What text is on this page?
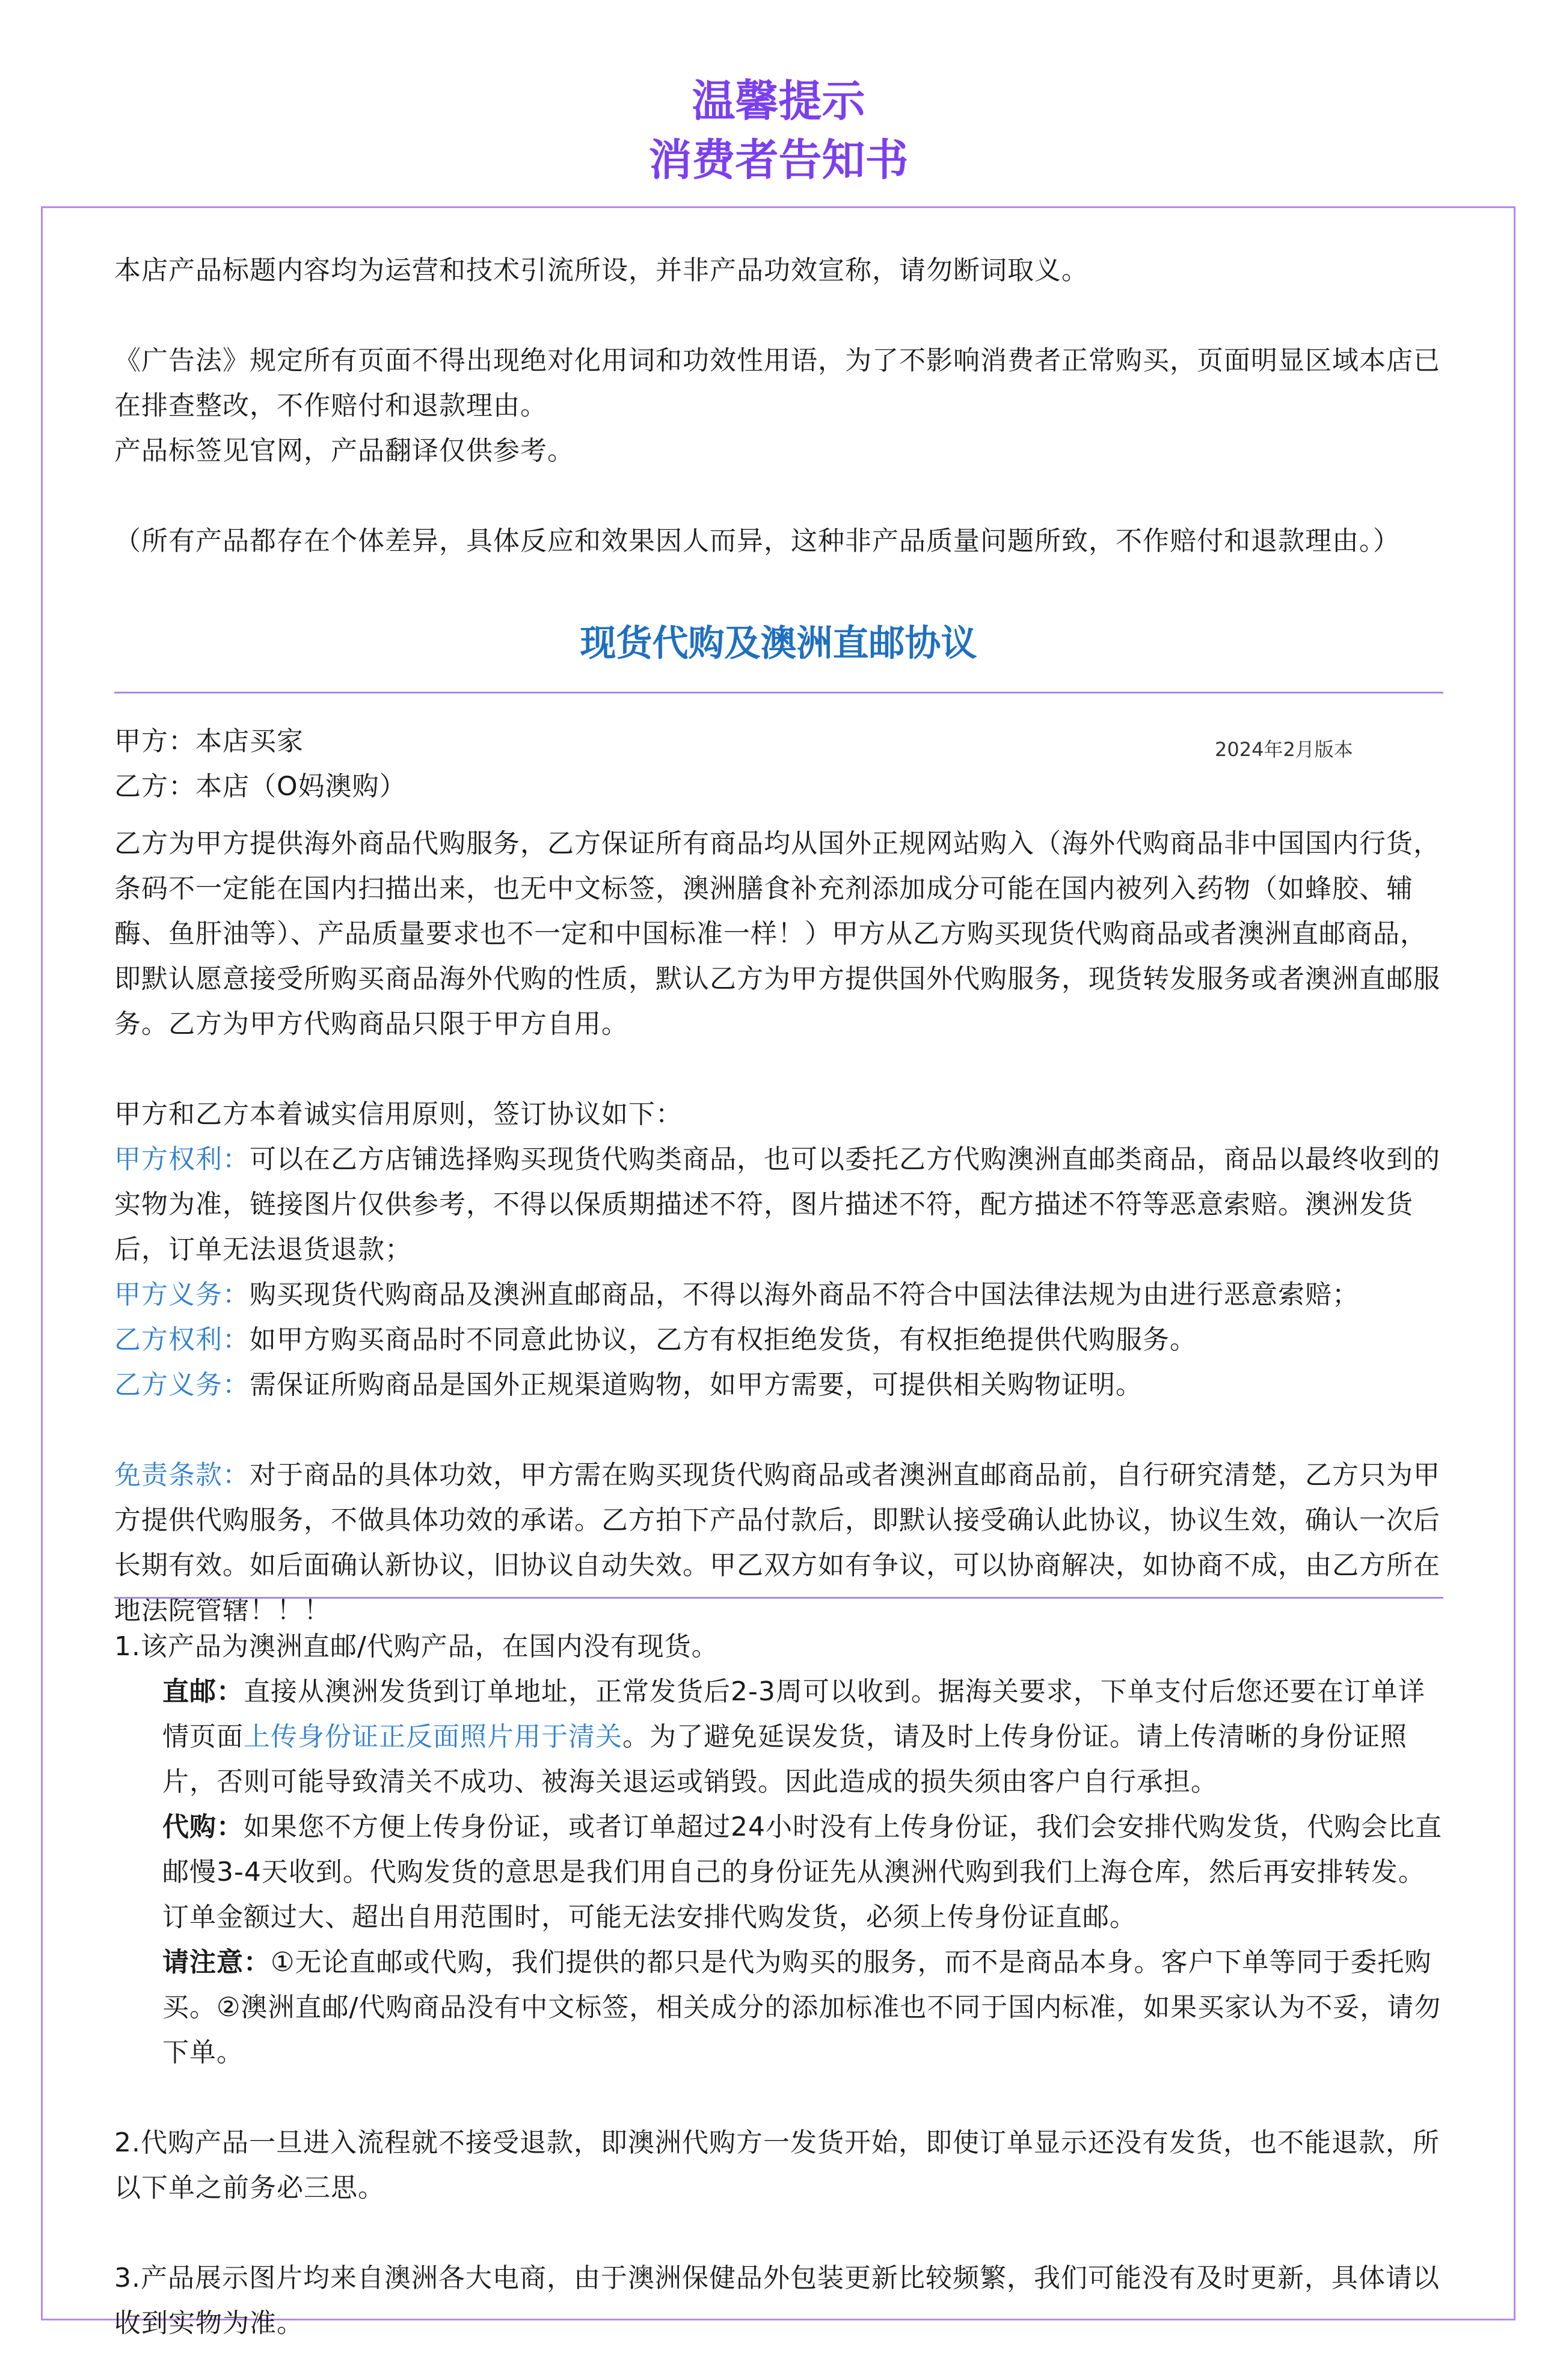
温馨提示
消费者告知书

本店产品标题内容均为运营和技术引流所设，并非产品功效宣称，请勿断词取义。

《广告法》规定所有页面不得出现绝对化用词和功效性用语，为了不影响消费者正常购买，页面明显区域本店已在排查整改，不作赔付和退款理由。

产品标签见官网，产品翻译仅供参考。

（所有产品都存在个体差异，具体反应和效果因人而异，这种非产品质量问题所致，不作赔付和退款理由。）

现货代购及澳洲直邮协议

甲方：本店买家

乙方：本店（O妈澳购）

2024年2月版本

乙方为甲方提供海外商品代购服务，乙方保证所有商品均从国外正规网站购入（海外代购商品非中国国内行货，条码不一定能在国内扫描出来，也无中文标签，澳洲膳食补充剂添加成分可能在国内被列入药物（如蜂胶、辅酶、鱼肝油等）、产品质量要求也不一定和中国标准一样！）甲方从乙方购买现货代购商品或者澳洲直邮商品，即默认愿意接受所购买商品海外代购的性质，默认乙方为甲方提供国外代购服务，现货转发服务或者澳洲直邮服务。乙方为甲方代购商品只限于甲方自用。

甲方和乙方本着诚实信用原则，签订协议如下：

甲方权利：可以在乙方店铺选择购买现货代购类商品，也可以委托乙方代购澳洲直邮类商品，商品以最终收到的实物为准，链接图片仅供参考，不得以保质期描述不符，图片描述不符，配方描述不符等恶意索赔。澳洲发货后，订单无法退货退款；

甲方义务：购买现货代购商品及澳洲直邮商品，不得以海外商品不符合中国法律法规为由进行恶意索赔；

乙方权利：如甲方购买商品时不同意此协议，乙方有权拒绝发货，有权拒绝提供代购服务。

乙方义务：需保证所购商品是国外正规渠道购物，如甲方需要，可提供相关购物证明。

免责条款：对于商品的具体功效，甲方需在购买现货代购商品或者澳洲直邮商品前，自行研究清楚，乙方只为甲方提供代购服务，不做具体功效的承诺。乙方拍下产品付款后，即默认接受确认此协议，协议生效，确认一次后长期有效。如后面确认新协议，旧协议自动失效。甲乙双方如有争议，可以协商解决，如协商不成，由乙方所在地法院管辖！！！

1.该产品为澳洲直邮/代购产品，在国内没有现货。

直邮：直接从澳洲发货到订单地址，正常发货后2-3周可以收到。据海关要求，下单支付后您还要在订单详情页面上传身份证正反面照片用于清关。为了避免延误发货，请及时上传身份证。请上传清晰的身份证照片，否则可能导致清关不成功、被海关退运或销毁。因此造成的损失须由客户自行承担。

代购：如果您不方便上传身份证，或者订单超过24小时没有上传身份证，我们会安排代购发货，代购会比直邮慢3-4天收到。代购发货的意思是我们用自己的身份证先从澳洲代购到我们上海仓库，然后再安排转发。订单金额过大、超出自用范围时，可能无法安排代购发货，必须上传身份证直邮。

请注意：①无论直邮或代购，我们提供的都只是代为购买的服务，而不是商品本身。客户下单等同于委托购买。②澳洲直邮/代购商品没有中文标签，相关成分的添加标准也不同于国内标准，如果买家认为不妥，请勿下单。

2.代购产品一旦进入流程就不接受退款，即澳洲代购方一发货开始，即使订单显示还没有发货，也不能退款，所以下单之前务必三思。

3.产品展示图片均来自澳洲各大电商，由于澳洲保健品外包装更新比较频繁，我们可能没有及时更新，具体请以收到实物为准。
